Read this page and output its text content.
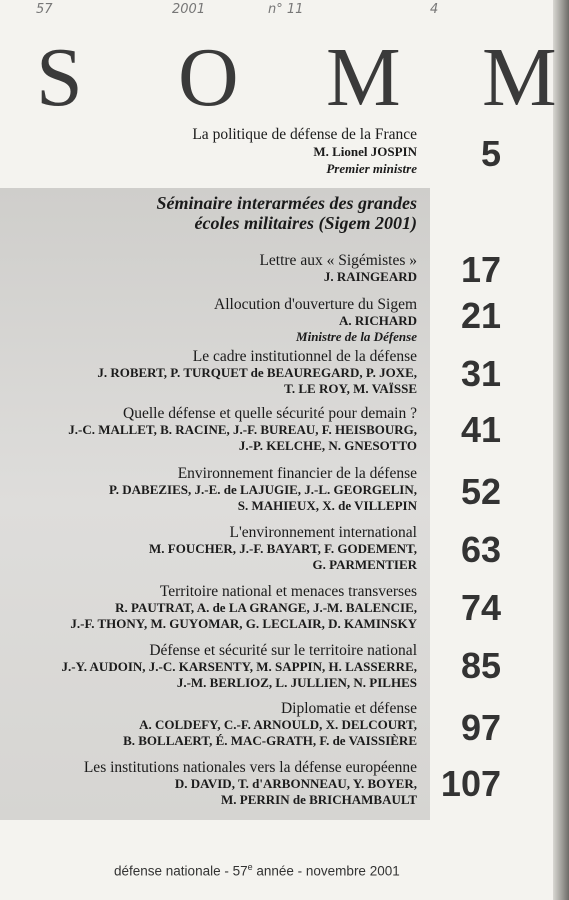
57	2001	n° 11	4
S O M M
La politique de défense de la France
M. Lionel JOSPIN
Premier ministre 5
Séminaire interarmées des grandes
écoles militaires (Sigem 2001)
Lettre aux « Sigémistes »
J. RAINGEARD 17
Allocution d'ouverture du Sigem
A. RICHARD
Ministre de la Défense
21
Le cadre institutionnel de la défense
J. ROBERT, P. TURQUET de BEAUREGARD, P. JOXE,
T. LE ROY, M. VAÏSSE 31
Quelle défense et quelle sécurité pour demain ?
J.-C. MALLET, B. RACINE, J.-F. BUREAU, F. HEISBOURG,
J.-P. KELCHE, N. GNESOTTO 41
Environnement financier de la défense
P. DABEZIES, J.-E. de LAJUGIE, J.-L. GEORGELIN,
S. MAHIEUX, X. de VILLEPIN 52
L'environnement international
M. FOUCHER, J.-F. BAYART, F. GODEMENT,
G. PARMENTIER 63
Territoire national et menaces transverses
R. PAUTRAT, A. de LA GRANGE, J.-M. BALENCIE,
J.-F. THONY, M. GUYOMAR, G. LECLAIR, D. KAMINSKY 74
Défense et sécurité sur le territoire national
J.-Y. AUDOIN, J.-C. KARSENTY, M. SAPPIN, H. LASSERRE,
J.-M. BERLIOZ, L. JULLIEN, N. PILHES 85
Diplomatie et défense
A. COLDEFY, C.-F. ARNOULD, X. DELCOURT,
B. BOLLAERT, É. MAC-GRATH, F. de VAISSIÈRE 97
Les institutions nationales vers la défense européenne
D. DAVID, T. d'ARBONNEAU, Y. BOYER,
M. PERRIN de BRICHAMBAULT 107
défense nationale - 57e année - novembre 2001
